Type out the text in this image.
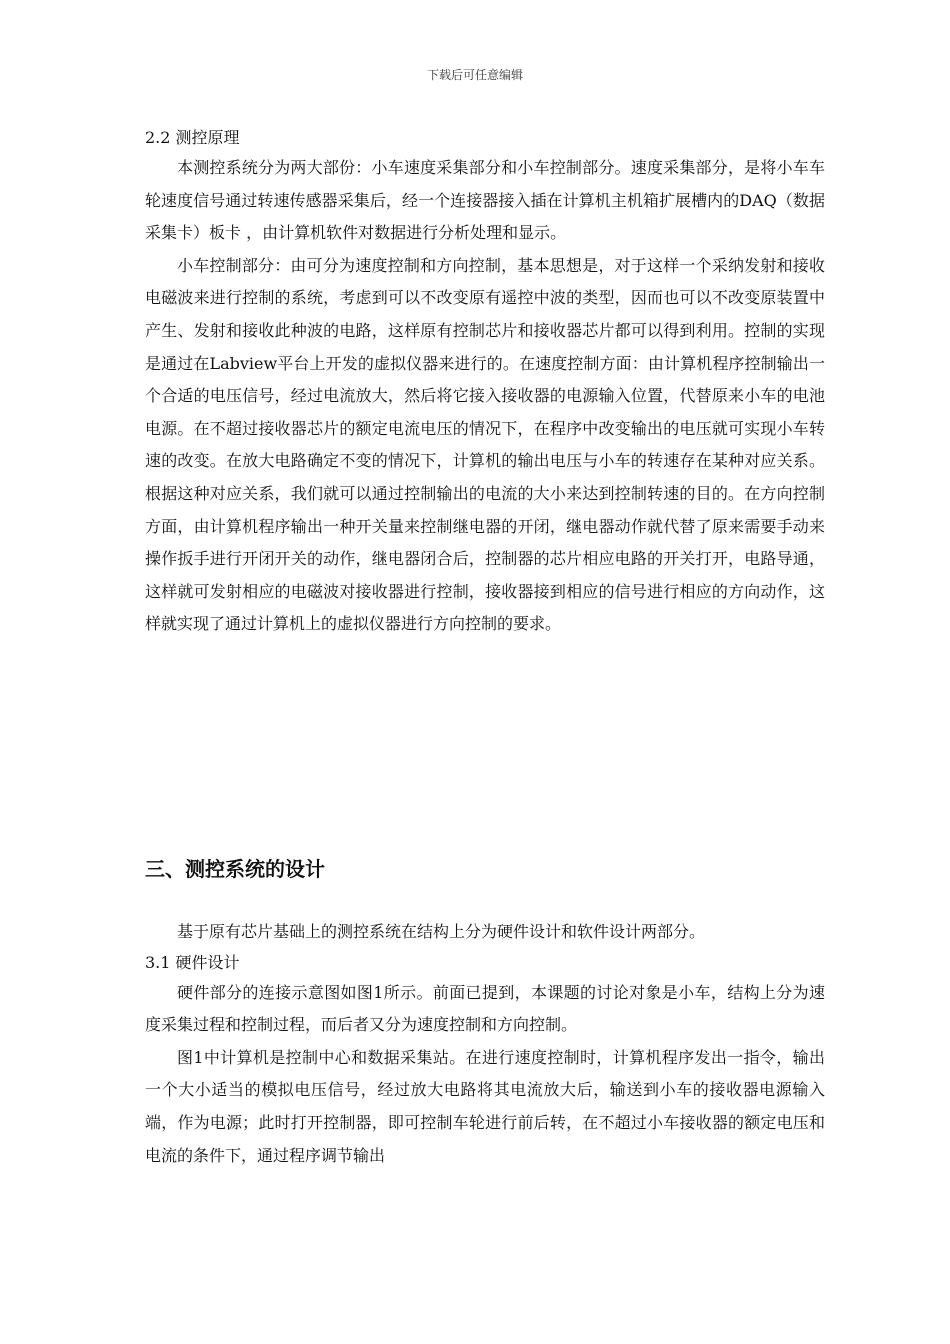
下载后可任意编辑

2.2 测控原理

本测控系统分为两大部份：小车速度采集部分和小车控制部分。速度采集部分，是将小车车轮速度信号通过转速传感器采集后，经一个连接器接入插在计算机主机箱扩展槽内的DAQ（数据采集卡）板卡 ，由计算机软件对数据进行分析处理和显示。

小车控制部分：由可分为速度控制和方向控制，基本思想是，对于这样一个采纳发射和接收电磁波来进行控制的系统，考虑到可以不改变原有遥控中波的类型，因而也可以不改变原装置中产生、发射和接收此种波的电路，这样原有控制芯片和接收器芯片都可以得到利用。控制的实现是通过在Labview平台上开发的虚拟仪器来进行的。在速度控制方面：由计算机程序控制输出一个合适的电压信号，经过电流放大，然后将它接入接收器的电源输入位置，代替原来小车的电池电源。在不超过接收器芯片的额定电流电压的情况下，在程序中改变输出的电压就可实现小车转速的改变。在放大电路确定不变的情况下，计算机的输出电压与小车的转速存在某种对应关系。根据这种对应关系，我们就可以通过控制输出的电流的大小来达到控制转速的目的。在方向控制方面，由计算机程序输出一种开关量来控制继电器的开闭，继电器动作就代替了原来需要手动来操作扳手进行开闭开关的动作，继电器闭合后，控制器的芯片相应电路的开关打开，电路导通，这样就可发射相应的电磁波对接收器进行控制，接收器接到相应的信号进行相应的方向动作，这样就实现了通过计算机上的虚拟仪器进行方向控制的要求。

三、测控系统的设计

基于原有芯片基础上的测控系统在结构上分为硬件设计和软件设计两部分。

3.1 硬件设计

硬件部分的连接示意图如图1所示。前面已提到，本课题的讨论对象是小车，结构上分为速度采集过程和控制过程，而后者又分为速度控制和方向控制。

图1中计算机是控制中心和数据采集站。在进行速度控制时，计算机程序发出一指令，输出一个大小适当的模拟电压信号，经过放大电路将其电流放大后，输送到小车的接收器电源输入端，作为电源；此时打开控制器，即可控制车轮进行前后转，在不超过小车接收器的额定电压和电流的条件下，通过程序调节输出
